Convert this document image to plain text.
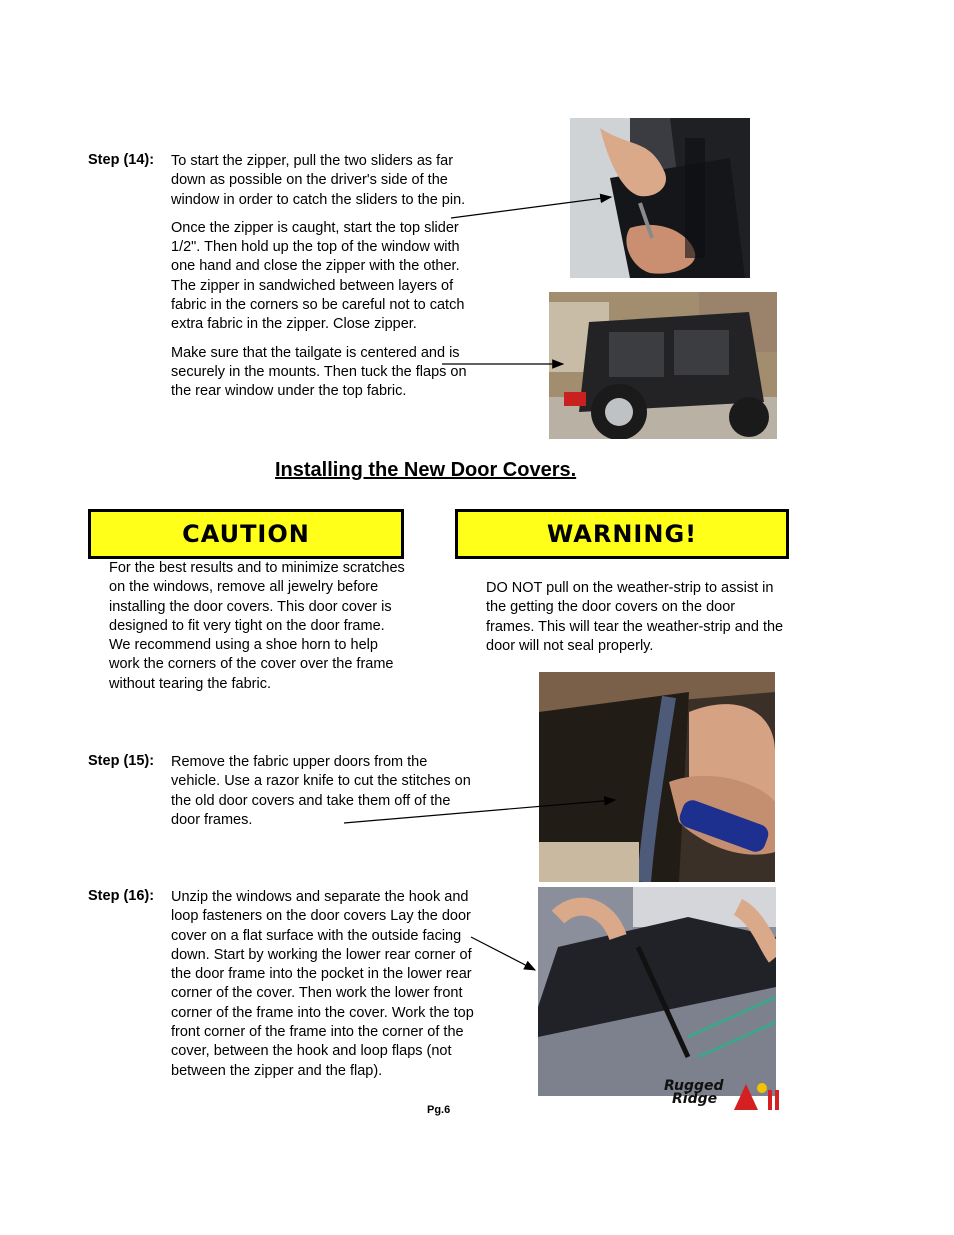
Step (14): To start the zipper, pull the two sliders as far down as possible on the driver's side of the window in order to catch the sliders to the pin.

Once the zipper is caught, start the top slider 1/2". Then hold up the top of the window with one hand and close the zipper with the other. The zipper in sandwiched between layers of fabric in the corners so be careful not to catch extra fabric in the zipper. Close zipper.

Make sure that the tailgate is centered and is securely in the mounts. Then tuck the flaps on the rear window under the top fabric.

Installing the New Door Covers.
CAUTION	WARNING!

For the best results and to minimize scratches on the windows, remove all jewelry before installing the door covers. This door cover is designed to fit very tight on the door frame. We recommend using a shoe horn to help work the corners of the cover over the frame without tearing the fabric.

DO NOT pull on the weather-strip to assist in the getting the door covers on the door frames. This will tear the weather-strip and the door will not seal properly.

Step (15): Remove the fabric upper doors from the vehicle. Use a razor knife to cut the stitches on the old door covers and take them off of the door frames.

Step (16): Unzip the windows and separate the hook and loop fasteners on the door covers Lay the door cover on a flat surface with the outside facing down. Start by working the lower rear corner of the door frame into the pocket in the lower rear corner of the cover. Then work the lower front corner of the frame into the cover. Work the top front corner of the frame into the corner of the cover, between the hook and loop flaps (not between the zipper and the flap).

Rugged
Ridge
Pg.6
